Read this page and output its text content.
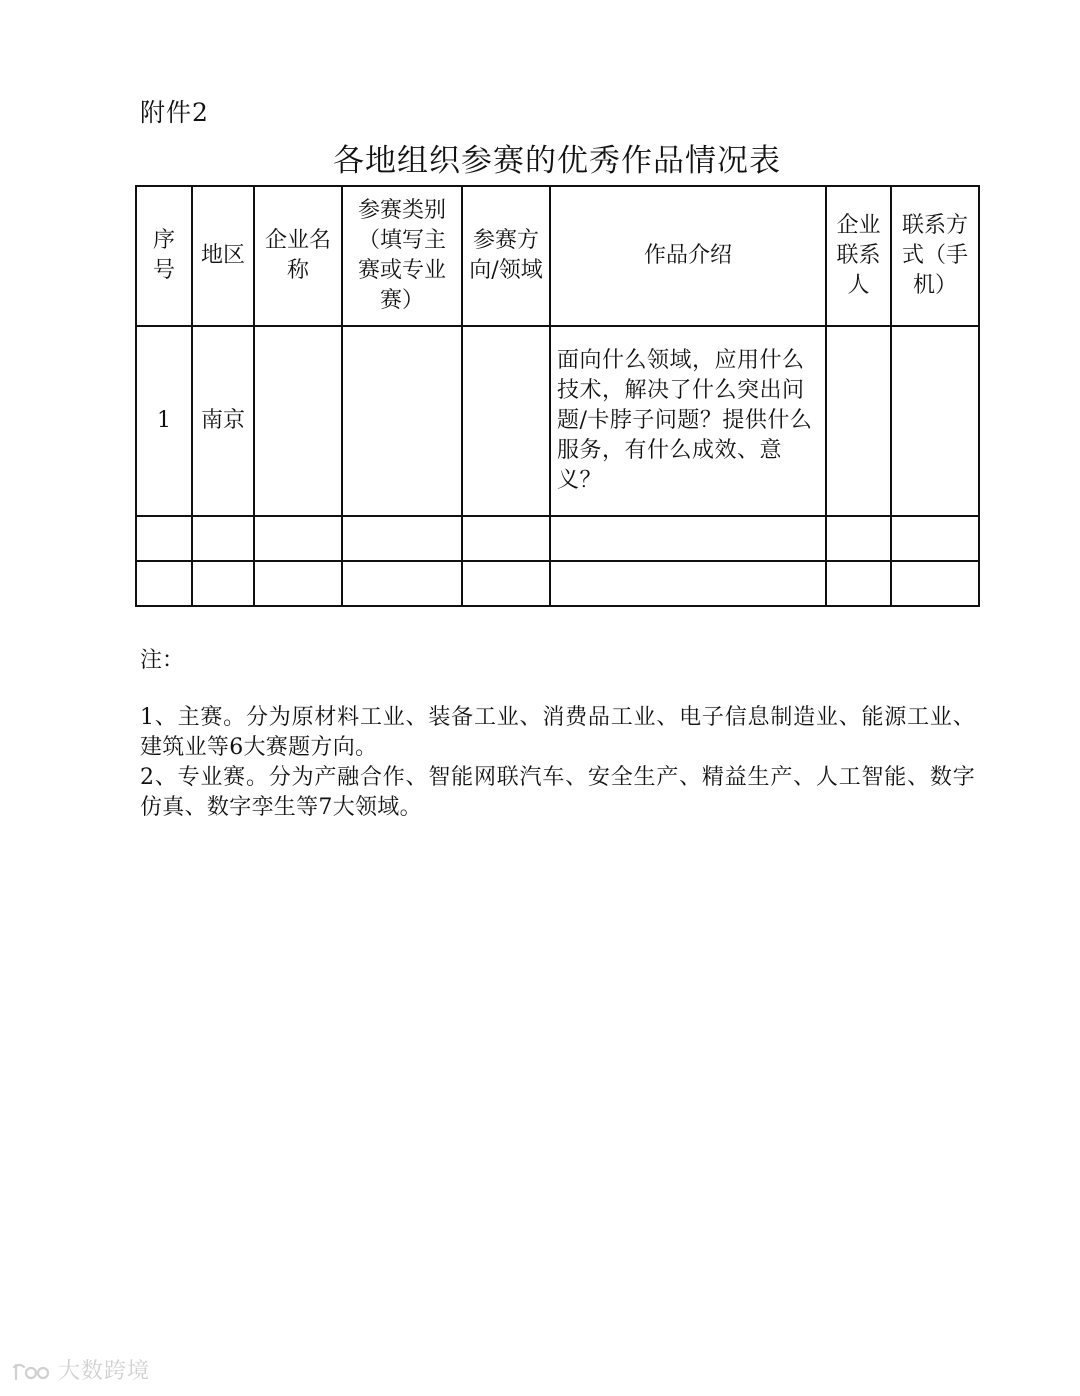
附件2
各地组织参赛的优秀作品情况表
序号	地区	企业名称	参赛类别（填写主赛或专业赛）	参赛方向/领域	作品介绍	企业联系人	联系方式（手机）
1	南京				面向什么领域，应用什么技术，解决了什么突出问题/卡脖子问题？提供什么服务，有什么成效、意义？		

注：

1、主赛。分为原材料工业、装备工业、消费品工业、电子信息制造业、能源工业、建筑业等6大赛题方向。

2、专业赛。分为产融合作、智能网联汽车、安全生产、精益生产、人工智能、数字仿真、数字孪生等7大领域。

大数跨境
